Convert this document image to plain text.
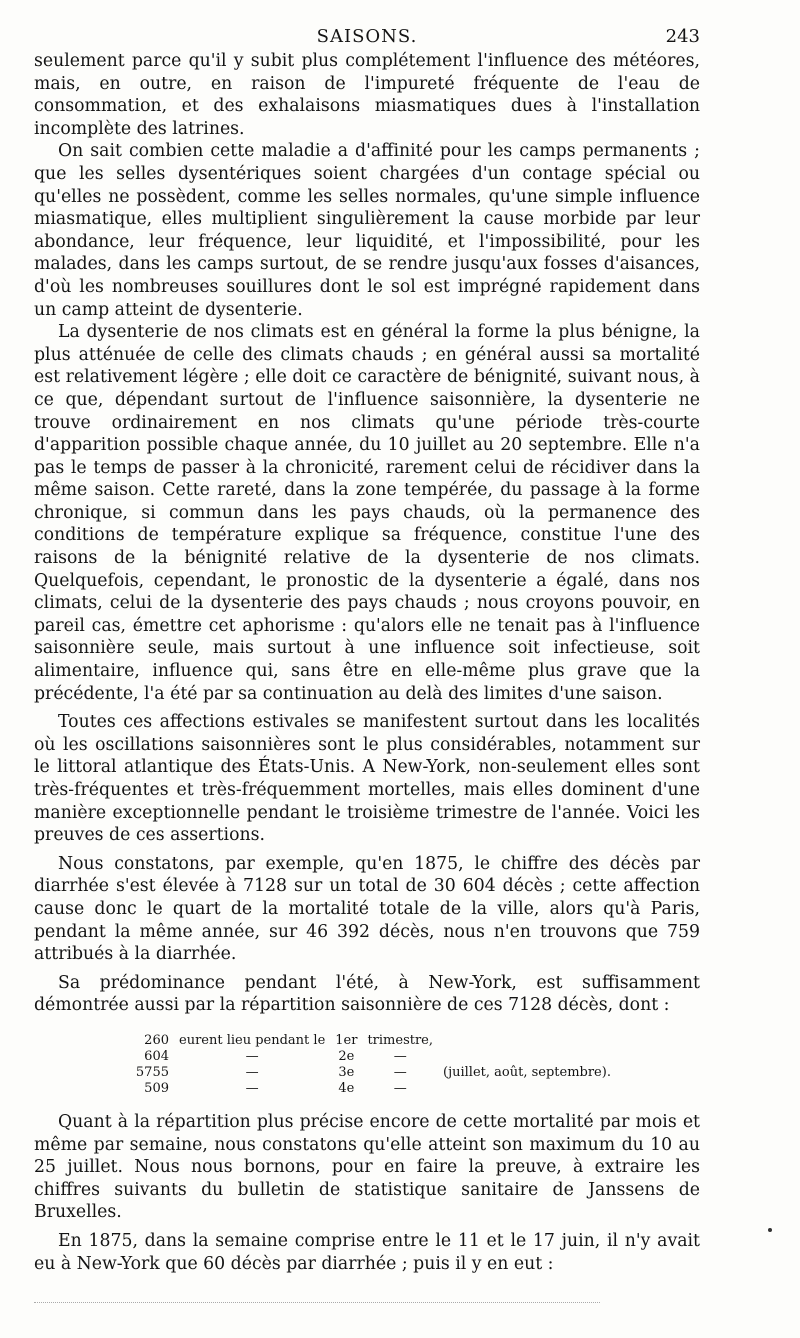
SAISONS.	243

seulement parce qu'il y subit plus complétement l'influence des météores, mais, en outre, en raison de l'impureté fréquente de l'eau de consommation, et des exhalaisons miasmatiques dues à l'installation incomplète des latrines.

On sait combien cette maladie a d'affinité pour les camps permanents ; que les selles dysentériques soient chargées d'un contage spécial ou qu'elles ne possèdent, comme les selles normales, qu'une simple influence miasmatique, elles multiplient singulièrement la cause morbide par leur abondance, leur fréquence, leur liquidité, et l'impossibilité, pour les malades, dans les camps surtout, de se rendre jusqu'aux fosses d'aisances, d'où les nombreuses souillures dont le sol est imprégné rapidement dans un camp atteint de dysenterie.

La dysenterie de nos climats est en général la forme la plus bénigne, la plus atténuée de celle des climats chauds ; en général aussi sa mortalité est relativement légère ; elle doit ce caractère de bénignité, suivant nous, à ce que, dépendant surtout de l'influence saisonnière, la dysenterie ne trouve ordinairement en nos climats qu'une période très-courte d'apparition possible chaque année, du 10 juillet au 20 septembre. Elle n'a pas le temps de passer à la chronicité, rarement celui de récidiver dans la même saison. Cette rareté, dans la zone tempérée, du passage à la forme chronique, si commun dans les pays chauds, où la permanence des conditions de température explique sa fréquence, constitue l'une des raisons de la bénignité relative de la dysenterie de nos climats. Quelquefois, cependant, le pronostic de la dysenterie a égalé, dans nos climats, celui de la dysenterie des pays chauds ; nous croyons pouvoir, en pareil cas, émettre cet aphorisme : qu'alors elle ne tenait pas à l'influence saisonnière seule, mais surtout à une influence soit infectieuse, soit alimentaire, influence qui, sans être en elle-même plus grave que la précédente, l'a été par sa continuation au delà des limites d'une saison.

Toutes ces affections estivales se manifestent surtout dans les localités où les oscillations saisonnières sont le plus considérables, notamment sur le littoral atlantique des États-Unis. A New-York, non-seulement elles sont très-fréquentes et très-fréquemment mortelles, mais elles dominent d'une manière exceptionnelle pendant le troisième trimestre de l'année. Voici les preuves de ces assertions.

Nous constatons, par exemple, qu'en 1875, le chiffre des décès par diarrhée s'est élevée à 7128 sur un total de 30 604 décès ; cette affection cause donc le quart de la mortalité totale de la ville, alors qu'à Paris, pendant la même année, sur 46 392 décès, nous n'en trouvons que 759 attribués à la diarrhée.

Sa prédominance pendant l'été, à New-York, est suffisamment démontrée aussi par la répartition saisonnière de ces 7128 décès, dont :

260	eurent lieu pendant le	1er	trimestre,	
604	—	2e	—	
5755	—	3e	—	(juillet, août, septembre).
509	—	4e	—	

Quant à la répartition plus précise encore de cette mortalité par mois et même par semaine, nous constatons qu'elle atteint son maximum du 10 au 25 juillet. Nous nous bornons, pour en faire la preuve, à extraire les chiffres suivants du bulletin de statistique sanitaire de Janssens de Bruxelles.

En 1875, dans la semaine comprise entre le 11 et le 17 juin, il n'y avait eu à New-York que 60 décès par diarrhée ; puis il y en eut :
